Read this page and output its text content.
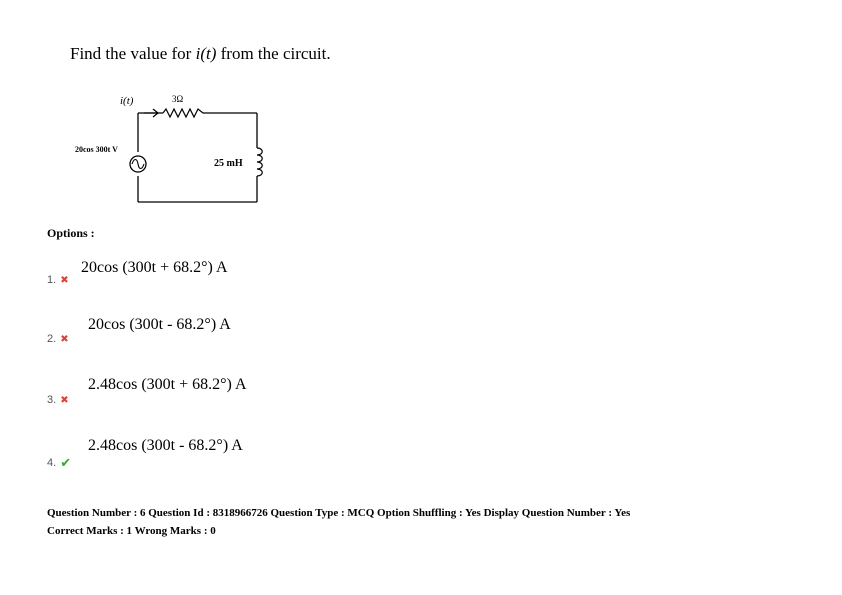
Find the value for i(t) from the circuit.
i(t)	3Ω
20cos 300t V
25 mH
Options :
20cos (300t + 68.2°) A
1. ✖
20cos (300t - 68.2°) A
2. ✖
2.48cos (300t + 68.2°) A
3. ✖
2.48cos (300t - 68.2°) A
4. ✔
Question Number : 6 Question Id : 8318966726 Question Type : MCQ Option Shuffling : Yes Display Question Number : Yes
Correct Marks : 1 Wrong Marks : 0
